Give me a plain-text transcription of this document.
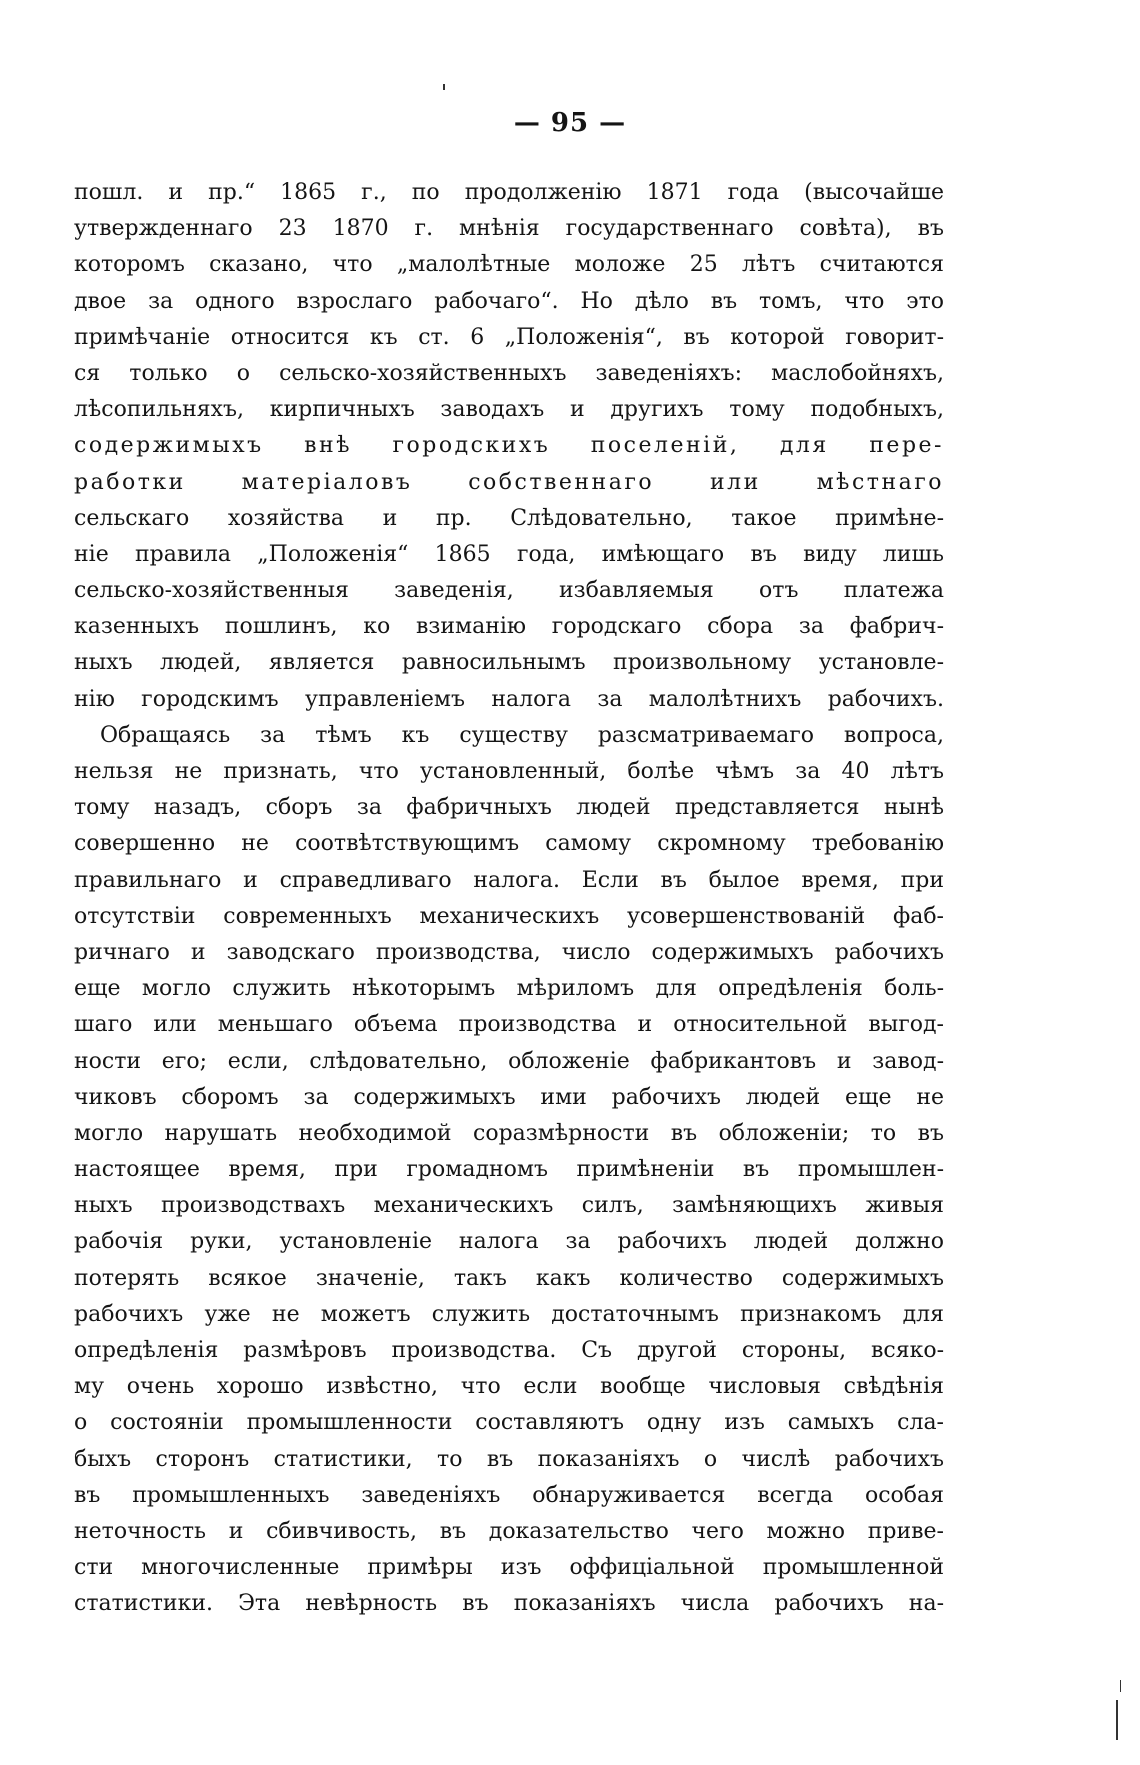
— 95 —
пошл. и пр.“ 1865 г., по продолженію 1871 года (высочайше
утвержденнаго 23 1870 г. мнѣнія государственнаго совѣта), въ
которомъ сказано, что „малолѣтные моложе 25 лѣтъ считаются
двое за одного взрослаго рабочаго“. Но дѣло въ томъ, что это
примѣчаніе относится къ ст. 6 „Положенія“, въ которой говорит-
ся только о сельско-хозяйственныхъ заведеніяхъ: маслобойняхъ,
лѣсопильняхъ, кирпичныхъ заводахъ и другихъ тому подобныхъ,
содержимыхъ внѣ городскихъ поселеній, для пере-
работки матеріаловъ собственнаго или мѣстнаго
сельскаго хозяйства и пр. Слѣдовательно, такое примѣне-
ніе правила „Положенія“ 1865 года, имѣющаго въ виду лишь
сельско-хозяйственныя заведенія, избавляемыя отъ платежа
казенныхъ пошлинъ, ко взиманію городскаго сбора за фабрич-
ныхъ людей, является равносильнымъ произвольному установле-
нію городскимъ управленіемъ налога за малолѣтнихъ рабочихъ.
Обращаясь за тѣмъ къ существу разсматриваемаго вопроса,
нельзя не признать, что установленный, болѣе чѣмъ за 40 лѣтъ
тому назадъ, сборъ за фабричныхъ людей представляется нынѣ
совершенно не соотвѣтствующимъ самому скромному требованію
правильнаго и справедливаго налога. Если въ былое время, при
отсутствіи современныхъ механическихъ усовершенствованій фаб-
ричнаго и заводскаго производства, число содержимыхъ рабочихъ
еще могло служить нѣкоторымъ мѣриломъ для опредѣленія боль-
шаго или меньшаго объема производства и относительной выгод-
ности его; если, слѣдовательно, обложеніе фабрикантовъ и завод-
чиковъ сборомъ за содержимыхъ ими рабочихъ людей еще не
могло нарушать необходимой соразмѣрности въ обложеніи; то въ
настоящее время, при громадномъ примѣненіи въ промышлен-
ныхъ производствахъ механическихъ силъ, замѣняющихъ живыя
рабочія руки, установленіе налога за рабочихъ людей должно
потерять всякое значеніе, такъ какъ количество содержимыхъ
рабочихъ уже не можетъ служить достаточнымъ признакомъ для
опредѣленія размѣровъ производства. Съ другой стороны, всяко-
му очень хорошо извѣстно, что если вообще числовыя свѣдѣнія
о состояніи промышленности составляютъ одну изъ самыхъ сла-
быхъ сторонъ статистики, то въ показаніяхъ о числѣ рабочихъ
въ промышленныхъ заведеніяхъ обнаруживается всегда особая
неточность и сбивчивость, въ доказательство чего можно приве-
сти многочисленные примѣры изъ оффиціальной промышленной
статистики. Эта невѣрность въ показаніяхъ числа рабочихъ на-
